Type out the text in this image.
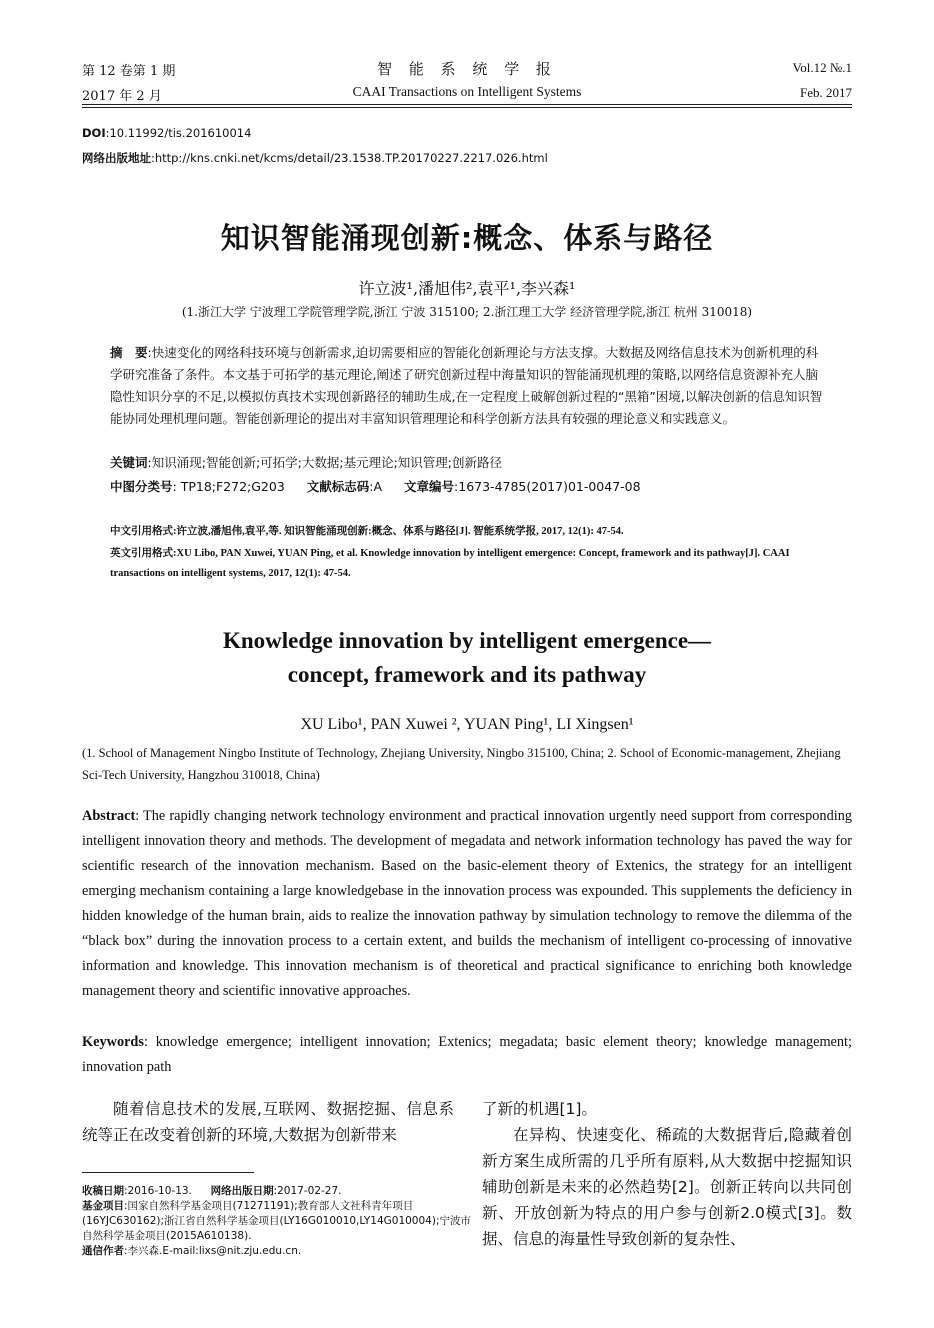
第 12 卷第 1 期
2017 年 2 月
智 能 系 统 学 报
CAAI Transactions on Intelligent Systems
Vol.12 №.1
Feb. 2017
DOI:10.11992/tis.201610014
网络出版地址:http://kns.cnki.net/kcms/detail/23.1538.TP.20170227.2217.026.html
知识智能涌现创新:概念、体系与路径
许立波¹,潘旭伟²,袁平¹,李兴森¹
(1.浙江大学 宁波理工学院管理学院,浙江 宁波 315100; 2.浙江理工大学 经济管理学院,浙江 杭州 310018)
摘　要:快速变化的网络科技环境与创新需求,迫切需要相应的智能化创新理论与方法支撑。大数据及网络信息技术为创新机理的科学研究准备了条件。本文基于可拓学的基元理论,阐述了研究创新过程中海量知识的智能涌现机理的策略,以网络信息资源补充人脑隐性知识分享的不足,以模拟仿真技术实现创新路径的辅助生成,在一定程度上破解创新过程的“黑箱”困境,以解决创新的信息知识智能协同处理机理问题。智能创新理论的提出对丰富知识管理理论和科学创新方法具有较强的理论意义和实践意义。
关键词:知识涌现;智能创新;可拓学;大数据;基元理论;知识管理;创新路径
中图分类号: TP18;F272;G203 文献标志码:A 文章编号:1673-4785(2017)01-0047-08
中文引用格式:许立波,潘旭伟,袁平,等. 知识智能涌现创新:概念、体系与路径[J]. 智能系统学报, 2017, 12(1): 47-54.
英文引用格式:XU Libo, PAN Xuwei, YUAN Ping, et al. Knowledge innovation by intelligent emergence: Concept, framework and its pathway[J]. CAAI transactions on intelligent systems, 2017, 12(1): 47-54.
Knowledge innovation by intelligent emergence—
concept, framework and its pathway
XU Libo¹, PAN Xuwei ², YUAN Ping¹, LI Xingsen¹
(1. School of Management Ningbo Institute of Technology, Zhejiang University, Ningbo 315100, China; 2. School of Economic-management, Zhejiang Sci-Tech University, Hangzhou 310018, China)
Abstract: The rapidly changing network technology environment and practical innovation urgently need support from corresponding intelligent innovation theory and methods. The development of megadata and network information technology has paved the way for scientific research of the innovation mechanism. Based on the basic-element theory of Extenics, the strategy for an intelligent emerging mechanism containing a large knowledgebase in the innovation process was expounded. This supplements the deficiency in hidden knowledge of the human brain, aids to realize the innovation pathway by simulation technology to remove the dilemma of the “black box” during the innovation process to a certain extent, and builds the mechanism of intelligent co-processing of innovative information and knowledge. This innovation mechanism is of theoretical and practical significance to enriching both knowledge management theory and scientific innovative approaches.
Keywords: knowledge emergence; intelligent innovation; Extenics; megadata; basic element theory; knowledge management; innovation path
随着信息技术的发展,互联网、数据挖掘、信息系统等正在改变着创新的环境,大数据为创新带来
了新的机遇[1]。
在异构、快速变化、稀疏的大数据背后,隐藏着创新方案生成所需的几乎所有原料,从大数据中挖掘知识辅助创新是未来的必然趋势[2]。创新正转向以共同创新、开放创新为特点的用户参与创新2.0模式[3]。数据、信息的海量性导致创新的复杂性、
收稿日期:2016-10-13. 网络出版日期:2017-02-27.
基金项目:国家自然科学基金项目(71271191);教育部人文社科青年项目(16YJC630162);浙江省自然科学基金项目(LY16G010010,LY14G010004);宁波市自然科学基金项目(2015A610138).
通信作者:李兴森.E-mail:lixs@nit.zju.edu.cn.
